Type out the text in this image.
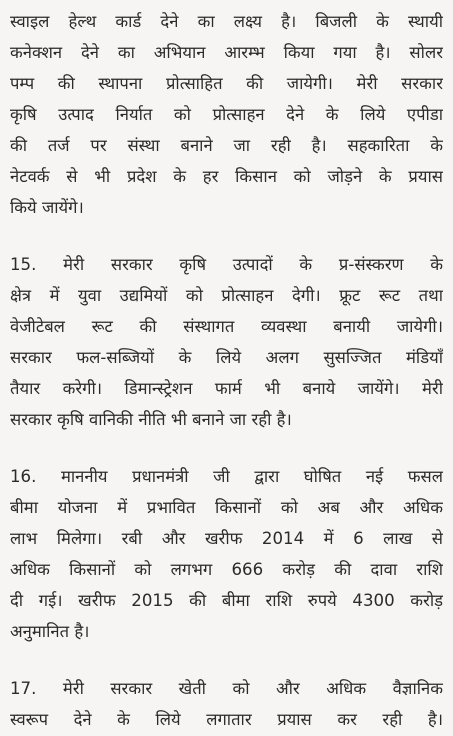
स्वाइल हेल्थ कार्ड देने का लक्ष्य है। बिजली के स्थायी
कनेक्शन देने का अभियान आरम्भ किया गया है। सोलर
पम्प की स्थापना प्रोत्साहित की जायेगी। मेरी सरकार
कृषि उत्पाद निर्यात को प्रोत्साहन देने के लिये एपीडा
की तर्ज पर संस्था बनाने जा रही है। सहकारिता के
नेटवर्क से भी प्रदेश के हर किसान को जोड़ने के प्रयास
किये जायेंगे।
15. मेरी सरकार कृषि उत्पादों के प्र-संस्करण के
क्षेत्र में युवा उद्यमियों को प्रोत्साहन देगी। फ्रूट रूट तथा
वेजीटेबल रूट की संस्थागत व्यवस्था बनायी जायेगी।
सरकार फल-सब्जियों के लिये अलग सुसज्जित मंडियाँ
तैयार करेगी। डिमान्स्ट्रेशन फार्म भी बनाये जायेंगे। मेरी
सरकार कृषि वानिकी नीति भी बनाने जा रही है।
16. माननीय प्रधानमंत्री जी द्वारा घोषित नई फसल
बीमा योजना में प्रभावित किसानों को अब और अधिक
लाभ मिलेगा। रबी और खरीफ 2014 में 6 लाख से
अधिक किसानों को लगभग 666 करोड़ की दावा राशि
दी गई। खरीफ 2015 की बीमा राशि रुपये 4300 करोड़
अनुमानित है।
17. मेरी सरकार खेती को और अधिक वैज्ञानिक
स्वरूप देने के लिये लगातार प्रयास कर रही है।
